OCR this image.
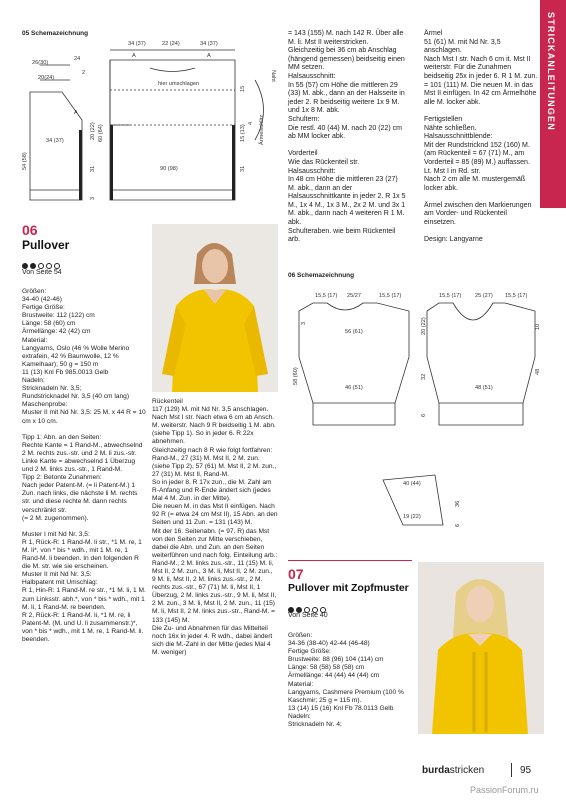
STRICKANLEITUNGEN
05 Schemazeichnung
34 (37)	22 (24)	34 (37)
A	A
26(30)
20(24)
24
2
A
34 (37)
54 (58)
20 (22) 60 (64)
31
3
hier umschlagen
90 (98)
15
15 (13)
4
Naht
Ärmelschlitz
31
= 143 (155) M. nach 142 R. Über alle M. li. Mst II weiterstricken.
Gleichzeitig bei 36 cm ab Anschlag (hängend gemessen) beidseitig einen MM setzen.
Halsausschnitt:
In 55 (57) cm Höhe die mittleren 29 (33) M. abk., dann an der Halsseite in jeder 2. R beidseitig weitere 1x 9 M. und 1x 8 M. abk.
Schultern:
Die restl. 40 (44) M. nach 20 (22) cm ab MM locker abk.

Vorderteil
Wie das Rückenteil str.
Halsausschnitt:
In 48 cm Höhe die mittleren 23 (27) M. abk., dann an der Halsausschnittkante in jeder 2. R 1x 5 M., 1x 4 M., 1x 3 M., 2x 2 M. und 3x 1 M. abk., dann nach 4 weiteren R 1 M. abk.
Schulteraben. wie beim Rückenteil arb.
Ärmel
51 (61) M. mit Nd Nr. 3,5 anschlagen.
Nach Mst I str. Nach 6 cm it. Mst II weiterstr. Für die Zunahmen beidseitig 25x in jeder 6. R 1 M. zun. = 101 (111) M. Die neuen M. in das Mst II einfügen. In 42 cm Ärmelhöhe alle M. locker abk.

Fertigstellen
Nähte schließen.
Halsausschnittblende:
Mit der Rundstricknd 152 (160) M. (am Rückenteil = 67 (71) M., am Vorderteil = 85 (89) M.) auffassen. Lt. Mst I in Rd. str.
Nach 2 cm alle M. mustergemäß locker abk.

Ärmel zwischen den Markierungen am Vorder- und Rückenteil einsetzen.

Design: Langyarne
06
Pullover
Von Seite 54
Größen:
34-40 (42-46)
Fertige Größe:
Brustweite: 112 (122) cm
Länge: 58 (60) cm
Ärmellänge: 42 (42) cm
Material:
Langyarns, Oslo (46 % Wolle Merino extrafein, 42 % Baumwolle, 12 % Kamelhaar); 50 g = 150 m
11 (13) Knl Fb 985.0013 Gelb
Nadeln:
Stricknadeln Nr. 3,5;
Rundstricknadel Nr. 3,5 (40 cm lang)
Maschenprobe:
Muster II mit Nd Nr. 3,5: 25 M. x 44 R = 10 cm x 10 cm.

Tipp 1: Abn. an den Seiten:
Rechte Kante = 1 Rand-M., abwechselnd 2 M. rechts zus.-str. und 2 M. li zus.-str. Linke Kante = abwechselnd 1 Überzug und 2 M. links zus.-str., 1 Rand-M.
Tipp 2: Betonte Zunahmen:
Nach jeder Patent-M. (= li Patent-M.) 1 Zun. nach links, die nächste li M. rechts str. und diese rechte M. dann rechts verschränkt str.
(= 2 M. zugenommen).

Muster I mit Nd Nr. 3,5:
R 1, Rück-R: 1 Rand-M. li str., *1 M. re, 1 M. li*, von * bis * wdh., mit 1 M. re, 1 Rand-M. li beenden. In den folgenden R die M. str. wie sie erscheinen.
Muster II mit Nd Nr. 3,5:
Halbpatent mit Umschlag:
R 1, Hin-R: 1 Rand-M. re str., *1 M. li, 1 M. zum Linksstr. abh.*, von * bis * wdh., mit 1 M. li, 1 Rand-M. re beenden.
R 2, Rück-R: 1 Rand-M. li, *1 M. re, li Patent-M. (M. und U. li zusammenstr.)*, von * bis * wdh., mit 1 M. re, 1 Rand-M. li. beenden.
Rückenteil
117 (129) M. mit Nd Nr. 3,5 anschlagen. Nach Mst I str. Nach etwa 6 cm ab Ansch. M. weiterstr. Nach 9 R beidseitig 1 M. abn. (siehe Tipp 1). So in jeder 6. R 22x abnehmen.
Gleichzeitig nach 8 R wie folgt fortfahren: Rand-M., 27 (31) M. Mst II, 2 M. zun. (siehe Tipp 2), 57 (61) M. Mst II, 2 M. zun., 27 (31) M. Mst II, Rand-M.
So in jeder 8. R 17x zun., die M. Zahl am R-Anfang und R-Ende ändert sich (jedes Mal 4 M. Zun. in der Mitte).
Die neuen M. in das Mst II einfügen. Nach 92 R (= etwa 24 cm Mst II), 15 Abn. an den Seiten und 11 Zun. = 131 (143) M.
Mit der 16. Seitenabn. (= 97. R) das Mst von den Seiten zur Mitte verschieben, dabei die Abn. und Zun. an den Seiten weiterführen und nach folg. Einteilung arb.:
Rand-M., 2 M. links zus.-str., 11 (15) M. li, Mst II, 2 M. zun., 3 M. li, Mst II, 2 M. zun., 9 M. li, Mst II, 2 M. links zus.-str., 2 M. rechts zus.-str., 67 (71) M. li, Mst II, 1 Überzug, 2 M. links zus.-str., 9 M. li, Mst II, 2 M. zun., 3 M. li, Mst II, 2 M. zun., 11 (15) M. li, Mst II, 2 M. links zus.-str., Rand-M. = 133 (145) M.
Die Zu- und Abnahmen für das Mittelteil noch 16x in jeder 4. R wdh., dabei ändert sich die M.-Zahl in der Mitte (jedes Mal 4 M. weniger)
06 Schemazeichnung
15,5 (17) 25/27	15,5 (17)	15,5 (17) 25 (27) 15,5 (17)
56 (61)
46 (51)	48 (51)
58 (60)
3	20 (22)
32
6
10
48
40 (44)
19 (22)
36
6
07
Pullover mit Zopfmuster
Von Seite 40
Größen:
34-36 (38-40) 42-44 (46-48)
Fertige Größe:
Brustweite: 88 (96) 104 (114) cm
Länge: 58 (58) 58 (58) cm
Ärmellänge: 44 (44) 44 (44) cm
Material:
Langyarns, Cashmere Premium (100 % Kaschmir; 25 g = 115 m).
13 (14) 15 (16) Knl Fb 78.0113 Gelb
Nadeln:
Stricknadeln Nr. 4;
burdastricken	95
PassionForum.ru
